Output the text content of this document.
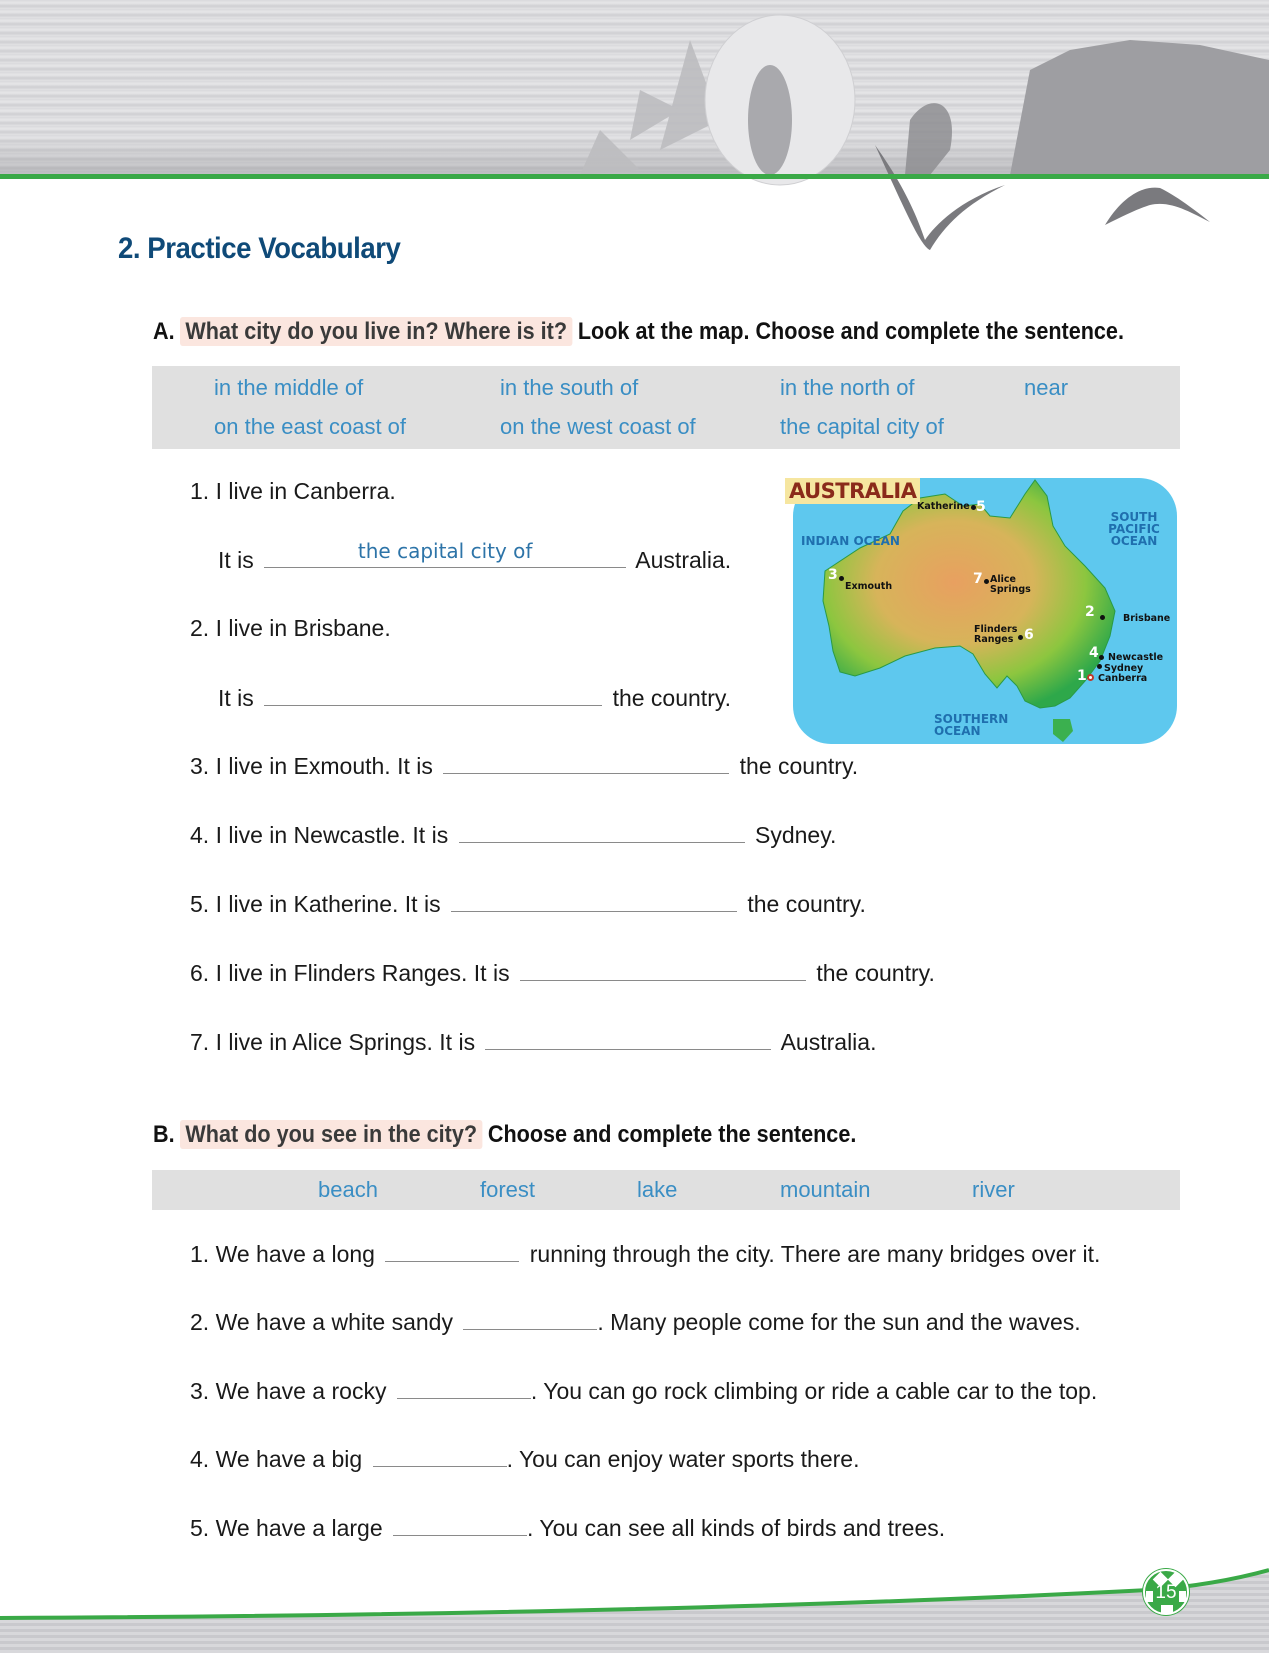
2. Practice Vocabulary
A. What city do you live in? Where is it? Look at the map. Choose and complete the sentence.
in the middle of	in the south of	in the north of	near
on the east coast of	on the west coast of	the capital city of
1. I live in Canberra.
It is	the capital city of	Australia.
2. I live in Brisbane.
It is	the country.
3. I live in Exmouth. It is	the country.
4. I live in Newcastle. It is	Sydney.
5. I live in Katherine. It is	the country.
6. I live in Flinders Ranges. It is	the country.
7. I live in Alice Springs. It is	Australia.
AUSTRALIA
INDIAN OCEAN
SOUTH PACIFIC OCEAN
SOUTHERN OCEAN
2	Brisbane
3
Exmouth
4 Newcastle
Sydney
1 Canberra
Katherine 5
Flinders Ranges 6
7 Alice Springs
B. What do you see in the city? Choose and complete the sentence.
beach	forest	lake	mountain	river
1. We have a long	running through the city. There are many bridges over it.
2. We have a white sandy	. Many people come for the sun and the waves.
3. We have a rocky	. You can go rock climbing or ride a cable car to the top.
4. We have a big	. You can enjoy water sports there.
5. We have a large	. You can see all kinds of birds and trees.
15
